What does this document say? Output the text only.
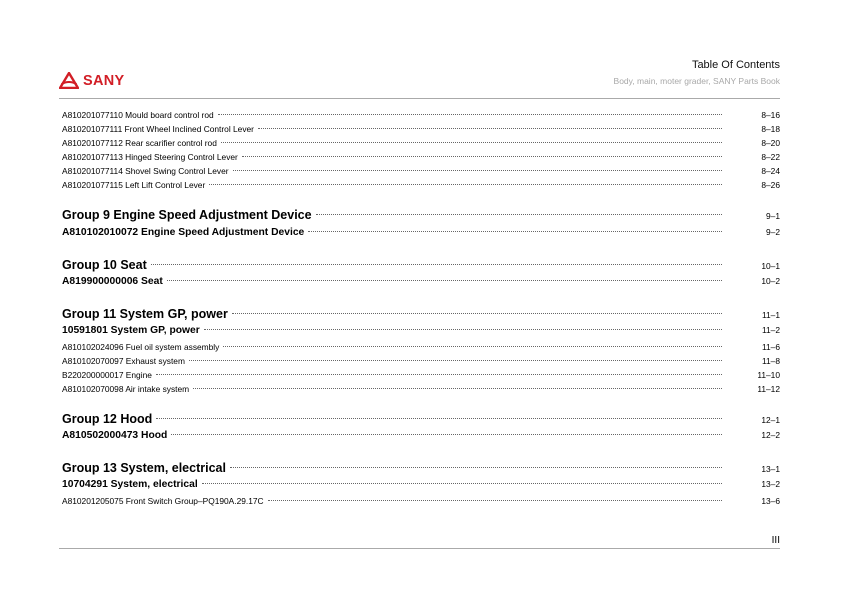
SANY
Table Of Contents
Body, main, moter grader, SANY Parts Book
A810201077110 Mould board control rod	8–16
A810201077111 Front Wheel Inclined Control Lever	8–18
A810201077112 Rear scarifier control rod	8–20
A810201077113 Hinged Steering Control Lever	8–22
A810201077114 Shovel Swing Control Lever	8–24
A810201077115 Left Lift Control Lever	8–26
Group 9 Engine Speed Adjustment Device	9–1
A810102010072 Engine Speed Adjustment Device	9–2
Group 10 Seat	10–1
A819900000006 Seat	10–2
Group 11 System GP, power	11–1
10591801 System GP, power	11–2
A810102024096 Fuel oil system assembly	11–6
A810102070097 Exhaust system	11–8
B220200000017 Engine	11–10
A810102070098 Air intake system	11–12
Group 12 Hood	12–1
A810502000473 Hood	12–2
Group 13 System, electrical	13–1
10704291 System, electrical	13–2
A810201205075 Front Switch Group–PQ190A.29.17C	13–6
III
